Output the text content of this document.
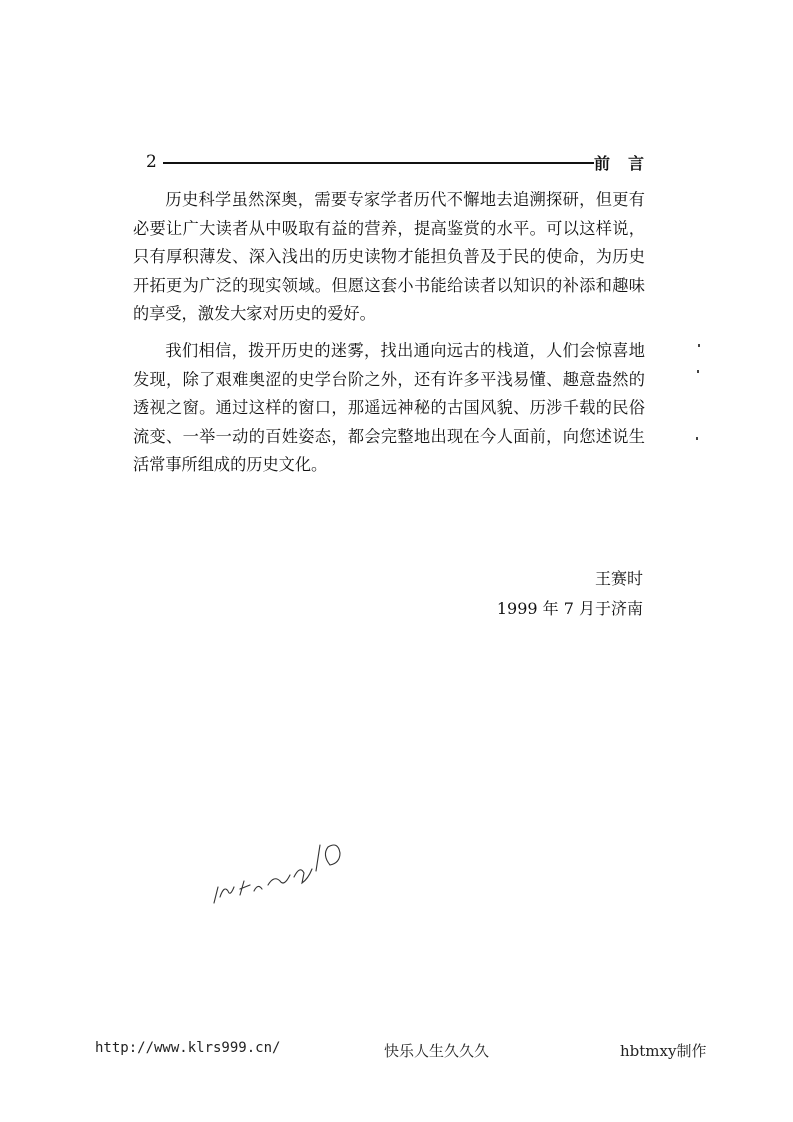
2	前言

历史科学虽然深奥，需要专家学者历代不懈地去追溯探研，但更有必要让广大读者从中吸取有益的营养，提高鉴赏的水平。可以这样说，只有厚积薄发、深入浅出的历史读物才能担负普及于民的使命，为历史开拓更为广泛的现实领域。但愿这套小书能给读者以知识的补添和趣味的享受，激发大家对历史的爱好。

我们相信，拨开历史的迷雾，找出通向远古的栈道，人们会惊喜地发现，除了艰难奥涩的史学台阶之外，还有许多平浅易懂、趣意盎然的透视之窗。通过这样的窗口，那遥远神秘的古国风貌、历涉千载的民俗流变、一举一动的百姓姿态，都会完整地出现在今人面前，向您述说生活常事所组成的历史文化。

王赛时
1999 年 7 月于济南
http://www.klrs999.cn/	快乐人生久久久	hbtmxy制作
